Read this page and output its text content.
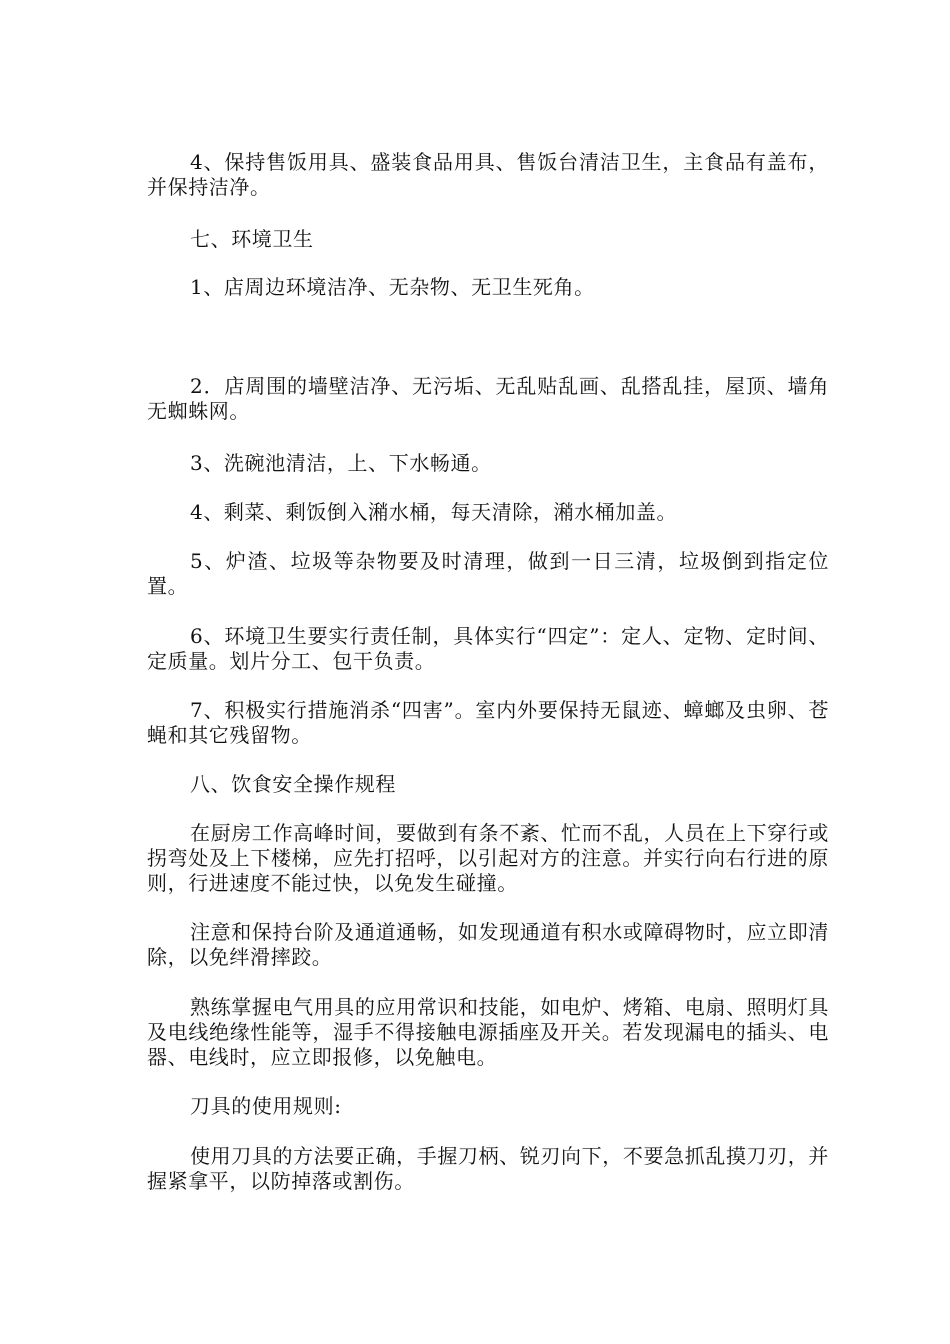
4、保持售饭用具、盛装食品用具、售饭台清洁卫生，主食品有盖布，并保持洁净。

七、环境卫生

1、店周边环境洁净、无杂物、无卫生死角。

2．店周围的墙壁洁净、无污垢、无乱贴乱画、乱搭乱挂，屋顶、墙角无蜘蛛网。

3、洗碗池清洁，上、下水畅通。

4、剩菜、剩饭倒入潲水桶，每天清除，潲水桶加盖。

5、炉渣、垃圾等杂物要及时清理，做到一日三清，垃圾倒到指定位置。

6、环境卫生要实行责任制，具体实行“四定”：定人、定物、定时间、定质量。划片分工、包干负责。

7、积极实行措施消杀“四害”。室内外要保持无鼠迹、蟑螂及虫卵、苍蝇和其它残留物。

八、饮食安全操作规程

在厨房工作高峰时间，要做到有条不紊、忙而不乱，人员在上下穿行或拐弯处及上下楼梯，应先打招呼，以引起对方的注意。并实行向右行进的原则，行进速度不能过快，以免发生碰撞。

注意和保持台阶及通道通畅，如发现通道有积水或障碍物时，应立即清除，以免绊滑摔跤。

熟练掌握电气用具的应用常识和技能，如电炉、烤箱、电扇、照明灯具及电线绝缘性能等，湿手不得接触电源插座及开关。若发现漏电的插头、电器、电线时，应立即报修，以免触电。

刀具的使用规则:

使用刀具的方法要正确，手握刀柄、锐刃向下，不要急抓乱摸刀刃，并握紧拿平，以防掉落或割伤。
